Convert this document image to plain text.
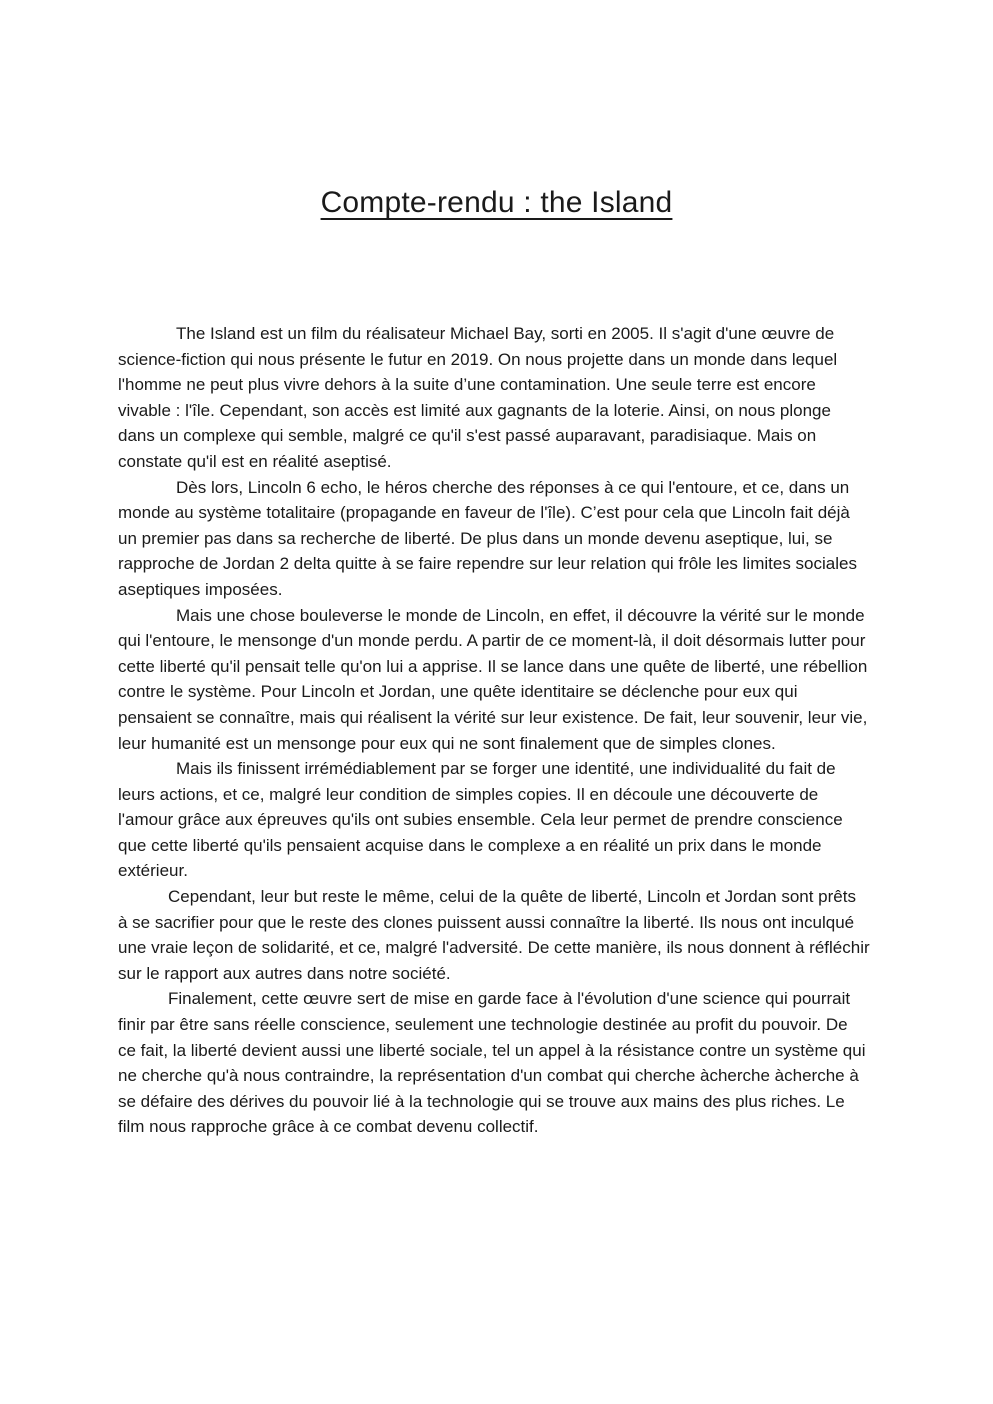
Compte-rendu : the Island

The Island est un film du réalisateur Michael Bay, sorti en 2005. Il s'agit d'une œuvre de science-fiction qui nous présente le futur en 2019. On nous projette dans un monde dans lequel l'homme ne peut plus vivre dehors à la suite d’une contamination. Une seule terre est encore vivable : l'île. Cependant, son accès est limité aux gagnants de la loterie. Ainsi, on nous plonge dans un complexe qui semble, malgré ce qu'il s'est passé auparavant, paradisiaque. Mais on constate qu'il est en réalité aseptisé.

Dès lors, Lincoln 6 echo, le héros cherche des réponses à ce qui l'entoure, et ce, dans un monde au système totalitaire (propagande en faveur de l'île). C’est pour cela que Lincoln fait déjà un premier pas dans sa recherche de liberté. De plus dans un monde devenu aseptique, lui, se rapproche de Jordan 2 delta quitte à se faire rependre sur leur relation qui frôle les limites sociales aseptiques imposées.

Mais une chose bouleverse le monde de Lincoln, en effet, il découvre la vérité sur le monde qui l'entoure, le mensonge d'un monde perdu. A partir de ce moment-là, il doit désormais lutter pour cette liberté qu'il pensait telle qu'on lui a apprise. Il se lance dans une quête de liberté, une rébellion contre le système. Pour Lincoln et Jordan, une quête identitaire se déclenche pour eux qui pensaient se connaître, mais qui réalisent la vérité sur leur existence. De fait, leur souvenir, leur vie, leur humanité est un mensonge pour eux qui ne sont finalement que de simples clones.

Mais ils finissent irrémédiablement par se forger une identité, une individualité du fait de leurs actions, et ce, malgré leur condition de simples copies. Il en découle une découverte de l'amour grâce aux épreuves qu'ils ont subies ensemble. Cela leur permet de prendre conscience que cette liberté qu'ils pensaient acquise dans le complexe a en réalité un prix dans le monde extérieur.

Cependant, leur but reste le même, celui de la quête de liberté, Lincoln et Jordan sont prêts à se sacrifier pour que le reste des clones puissent aussi connaître la liberté. Ils nous ont inculqué une vraie leçon de solidarité, et ce, malgré l'adversité. De cette manière, ils nous donnent à réfléchir sur le rapport aux autres dans notre société.

Finalement, cette œuvre sert de mise en garde face à l'évolution d'une science qui pourrait finir par être sans réelle conscience, seulement une technologie destinée au profit du pouvoir. De ce fait, la liberté devient aussi une liberté sociale, tel un appel à la résistance contre un système qui ne cherche qu'à nous contraindre, la représentation d'un combat qui cherche àcherche àcherche à se défaire des dérives du pouvoir lié à la technologie qui se trouve aux mains des plus riches. Le film nous rapproche grâce à ce combat devenu collectif.
